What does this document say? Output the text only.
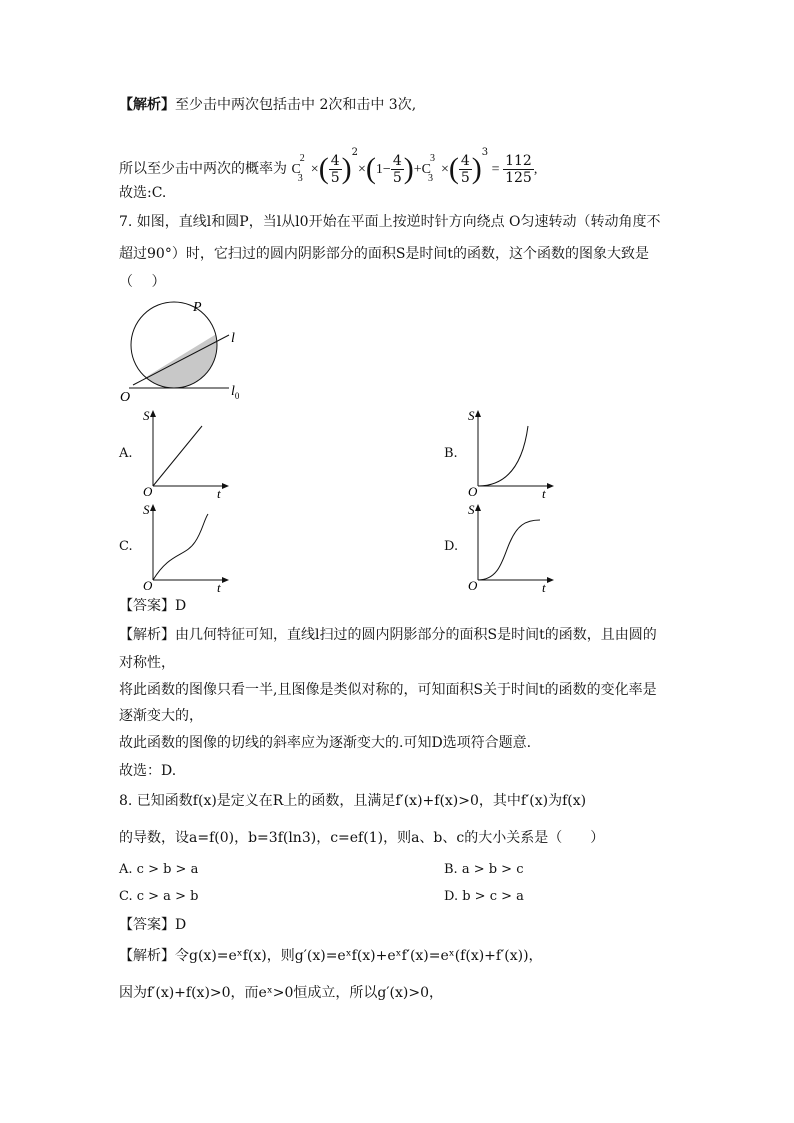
【解析】至少击中两次包括击中 2次和击中 3次,
所以至少击中两次的概率为 $C^2_3\times( \frac{4}{5} )^2\times(1- \frac{4}{5} )+C^3_3\times( \frac{4}{5} )^3 = \frac{112}{125}$ ,
故选:C.
7. 如图，直线l和圆P，当l从l0开始在平面上按逆时针方向绕点 O匀速转动（转动角度不
超过90°）时，它扫过的圆内阴影部分的面积S是时间t的函数，这个函数的图象大致是
（　 ）
P
l
O	$l_0$
A.
S
t
O
B.
S
t
O
C.
S
t
O
D.
S
t
O
【答案】D
【解析】由几何特征可知，直线l扫过的圆内阴影部分的面积S是时间t的函数，且由圆的
对称性，
将此函数的图像只看一半,且图像是类似对称的，可知面积S关于时间t的函数的变化率是
逐渐变大的，
故此函数的图像的切线的斜率应为逐渐变大的.可知D选项符合题意.
故选：D.
8. 已知函数f(x)是定义在R上的函数，且满足f′(x)+f(x)>0，其中f′(x)为f(x)
的导数，设a=f(0)，b=3f(ln3)，c=ef(1)，则a、b、c的大小关系是（　　）
A. c > b > a	B. a > b > c
C. c > a > b	D. b > c > a
【答案】D
【解析】令g(x)=eˣf(x)，则g′(x)=eˣf(x)+eˣf′(x)=eˣ(f(x)+f′(x))，
因为f′(x)+f(x)>0，而eˣ>0恒成立，所以g′(x)>0，
